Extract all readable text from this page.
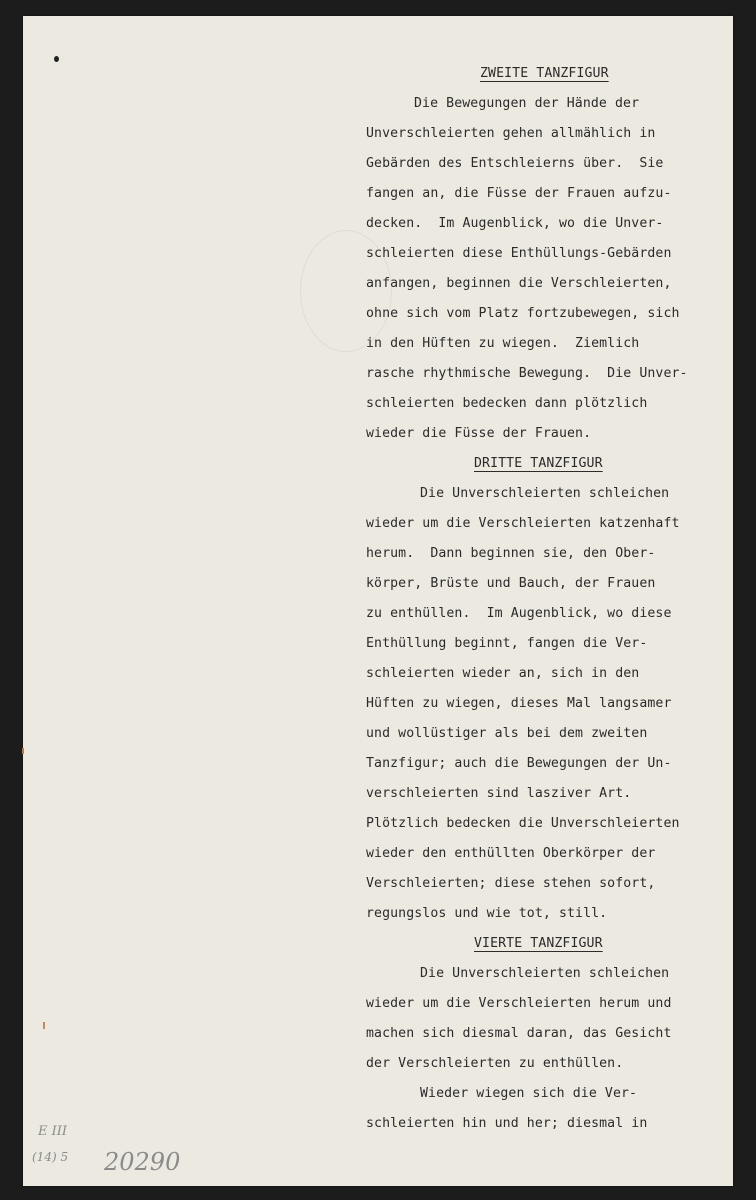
ZWEITE TANZFIGUR
Die Bewegungen der Hände der
Unverschleierten gehen allmählich in
Gebärden des Entschleierns über.  Sie
fangen an, die Füsse der Frauen aufzu-
decken.  Im Augenblick, wo die Unver-
schleierten diese Enthüllungs-Gebärden
anfangen, beginnen die Verschleierten,
ohne sich vom Platz fortzubewegen, sich
in den Hüften zu wiegen.  Ziemlich
rasche rhythmische Bewegung.  Die Unver-
schleierten bedecken dann plötzlich
wieder die Füsse der Frauen.
DRITTE TANZFIGUR
Die Unverschleierten schleichen
wieder um die Verschleierten katzenhaft
herum.  Dann beginnen sie, den Ober-
körper, Brüste und Bauch, der Frauen
zu enthüllen.  Im Augenblick, wo diese
Enthüllung beginnt, fangen die Ver-
schleierten wieder an, sich in den
Hüften zu wiegen, dieses Mal langsamer
und wollüstiger als bei dem zweiten
Tanzfigur; auch die Bewegungen der Un-
verschleierten sind lasziver Art.
Plötzlich bedecken die Unverschleierten
wieder den enthüllten Oberkörper der
Verschleierten; diese stehen sofort,
regungslos und wie tot, still.
VIERTE TANZFIGUR
Die Unverschleierten schleichen
wieder um die Verschleierten herum und
machen sich diesmal daran, das Gesicht
der Verschleierten zu enthüllen.
Wieder wiegen sich die Ver-
schleierten hin und her; diesmal in
E III
(14) 5 20290
